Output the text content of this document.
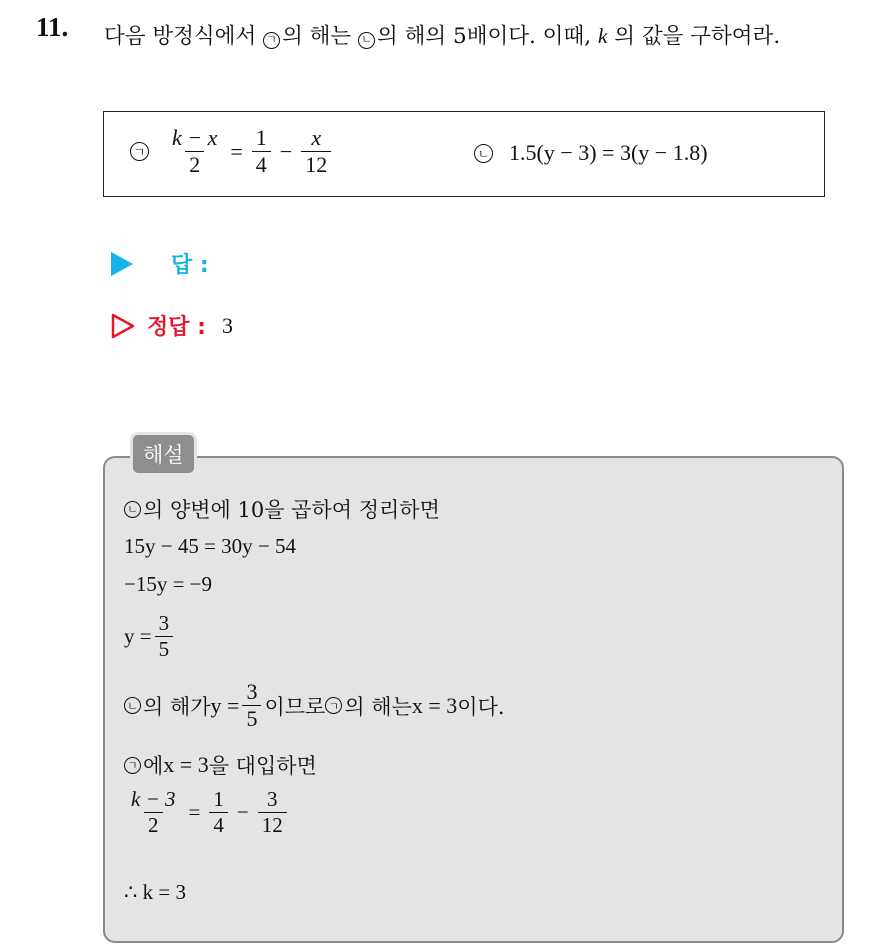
11. 다음 방정식에서 ㄱ 의 해는 ㄴ 의 해의 5배이다. 이때, k 의 값을 구하여라.
ㄱ $\frac{k - x}{2} = \frac{1}{4} - \frac{x}{12}$	ㄴ 1.5(y − 3) = 3(y − 1.8)
답 :
정답 : 3
해설
ㄴ 의 양변에 10을 곱하여 정리하면
15y − 45 = 30y − 54
−15y = −9
$y = \frac{3}{5}$
ㄴ 의 해가 $y = \frac{3}{5}$ 이므로 ㄱ 의 해는 x = 3 이다.
ㄱ 에 x = 3 을 대입하면
$\frac{k - 3}{2} = \frac{1}{4} - \frac{3}{12}$
∴ k = 3
